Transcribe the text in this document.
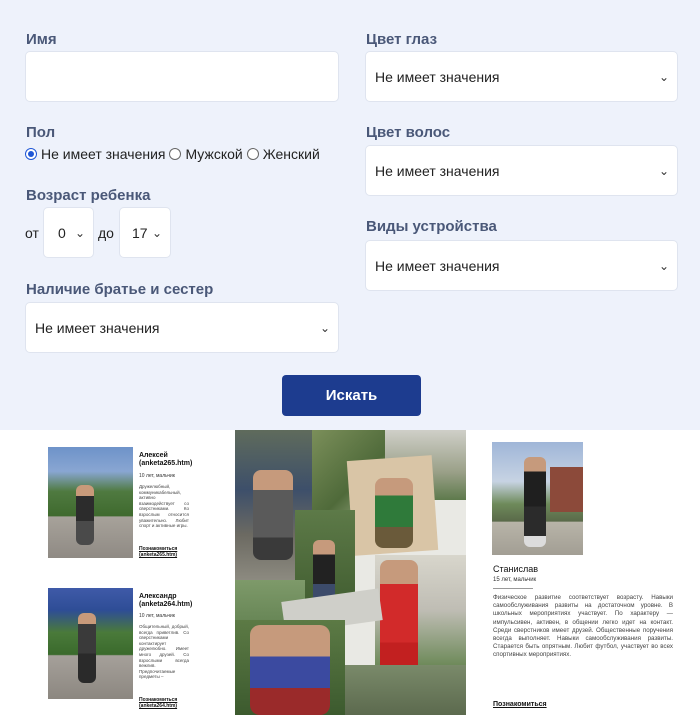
Имя
Пол
Не имеет значения Мужской Женский
Возраст ребенка
от 0 ⌄ до 17 ⌄
Наличие братье и сестер
Не имеет значения	⌄
Цвет глаз
Не имеет значения	⌄
Цвет волос
Не имеет значения	⌄
Виды устройства
Не имеет значения	⌄
Искать
Алексей (anketa265.htm)
10 лет, мальчик
Дружелюбный, коммуникабельный, активно взаимодействует со сверстниками. Ко взрослым относится уважительно. Любит спорт и активные игры.
Познакомиться (anketa265.htm)
Александр (anketa264.htm)
10 лет, мальчик
Общительный, добрый, всегда приветлив. Со сверстниками контактирует дружелюбно. Имеет много друзей. Со взрослыми всегда вежлив. Предпочитаемые предметы –
Познакомиться (anketa264.htm)
Станислав
15 лет, мальчик
Физическое развитие соответствует возрасту. Навыки самообслуживания развиты на достаточном уровне. В школьных мероприятиях участвует. По характеру — импульсивен, активен, в общении легко идет на контакт. Среди сверстников имеет друзей. Общественные поручения всегда выполняет. Навыки самообслуживания развиты. Старается быть опрятным. Любит футбол, участвует во всех спортивных мероприятиях.
Познакомиться
